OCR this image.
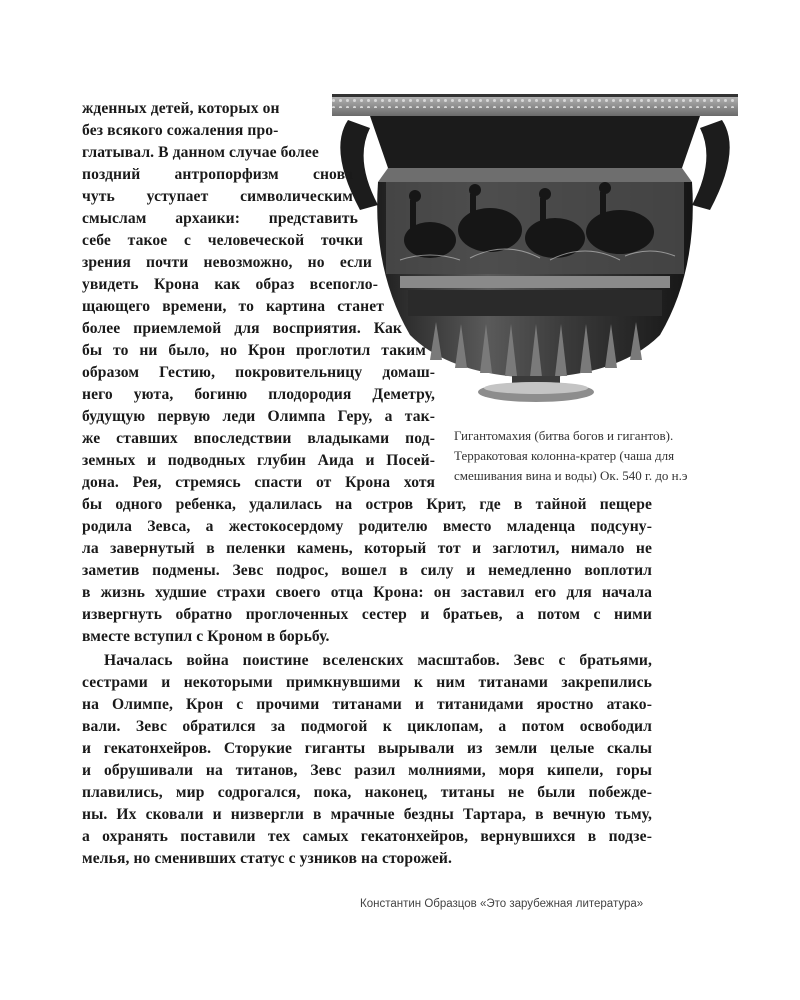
жденных детей, которых он
без всякого сожаления про-
глатывал. В данном случае более
поздний антропорфизм снова
чуть уступает символическим
смыслам архаики: представить
себе такое с человеческой точки
зрения почти невозможно, но если
увидеть Крона как образ всепогло-
щающего времени, то картина станет
более приемлемой для восприятия. Как
бы то ни было, но Крон проглотил таким
образом Гестию, покровительницу домаш-
него уюта, богиню плодородия Деметру,
будущую первую леди Олимпа Геру, а так-
же ставших впоследствии владыками под-
земных и подводных глубин Аида и Посей-
дона. Рея, стремясь спасти от Крона хотя
бы одного ребенка, удалилась на остров Крит, где в тайной пещере
родила Зевса, а жестокосердому родителю вместо младенца подсуну-
ла завернутый в пеленки камень, который тот и заглотил, нимало не
заметив подмены. Зевс подрос, вошел в силу и немедленно воплотил
в жизнь худшие страхи своего отца Крона: он заставил его для начала
извергнуть обратно проглоченных сестер и братьев, а потом с ними
вместе вступил с Кроном в борьбу.
Началась война поистине вселенских масштабов. Зевс с братьями,
сестрами и некоторыми примкнувшими к ним титанами закрепились
на Олимпе, Крон с прочими титанами и титанидами яростно атако-
вали. Зевс обратился за подмогой к циклопам, а потом освободил
и гекатонхейров. Сторукие гиганты вырывали из земли целые скалы
и обрушивали на титанов, Зевс разил молниями, моря кипели, горы
плавились, мир содрогался, пока, наконец, титаны не были побежде-
ны. Их сковали и низвергли в мрачные бездны Тартара, в вечную тьму,
а охранять поставили тех самых гекатонхейров, вернувшихся в подзе-
мелья, но сменивших статус с узников на сторожей.
Гигантомахия (битва богов и гигантов).
Терракотовая колонна-кратер (чаша для
смешивания вина и воды) Ок. 540 г. до н.э
Константин Образцов «Это зарубежная литература»
